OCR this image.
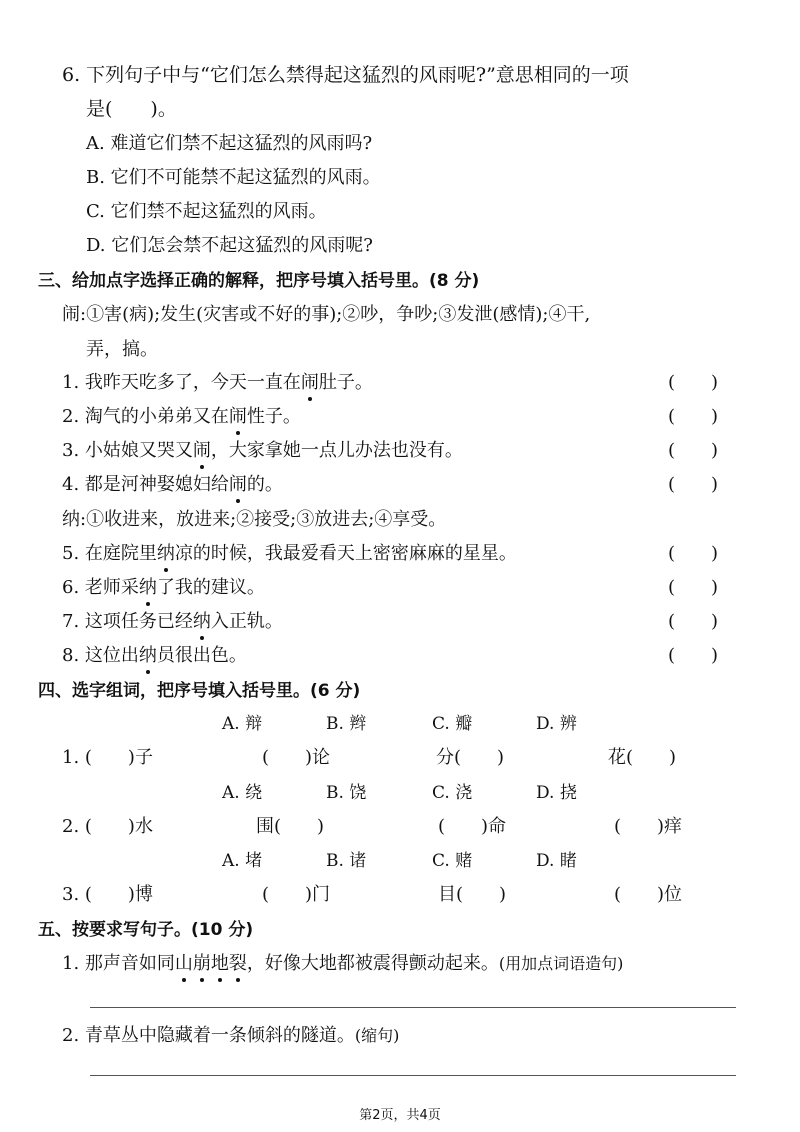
6. 下列句子中与“它们怎么禁得起这猛烈的风雨呢?”意思相同的一项
是(　　)。
A. 难道它们禁不起这猛烈的风雨吗?
B. 它们不可能禁不起这猛烈的风雨。
C. 它们禁不起这猛烈的风雨。
D. 它们怎会禁不起这猛烈的风雨呢?
三、给加点字选择正确的解释，把序号填入括号里。(8 分)
闹:①害(病);发生(灾害或不好的事);②吵，争吵;③发泄(感情);④干,
弄，搞。
1. 我昨天吃多了，今天一直在闹肚子。	(　　)
2. 淘气的小弟弟又在闹性子。	(　　)
3. 小姑娘又哭又闹，大家拿她一点儿办法也没有。	(　　)
4. 都是河神娶媳妇给闹的。	(　　)
纳:①收进来，放进来;②接受;③放进去;④享受。
5. 在庭院里纳凉的时候，我最爱看天上密密麻麻的星星。	(　　)
6. 老师采纳了我的建议。	(　　)
7. 这项任务已经纳入正轨。	(　　)
8. 这位出纳员很出色。	(　　)
四、选字组词，把序号填入括号里。(6 分)
A. 辩	B. 辫	C. 瓣	D. 辨
1. (　　)子	(　　)论	分(　　)	花(　　)
A. 绕	B. 饶	C. 浇	D. 挠
2. (　　)水	围(　　)	(　　)命	(　　)痒
A. 堵	B. 诸	C. 赌	D. 睹
3. (　　)博	(　　)门	目(　　)	(　　)位
五、按要求写句子。(10 分)
1. 那声音如同山崩地裂，好像大地都被震得颤动起来。(用加点词语造句)
2. 青草丛中隐藏着一条倾斜的隧道。(缩句)
第2页，共4页
